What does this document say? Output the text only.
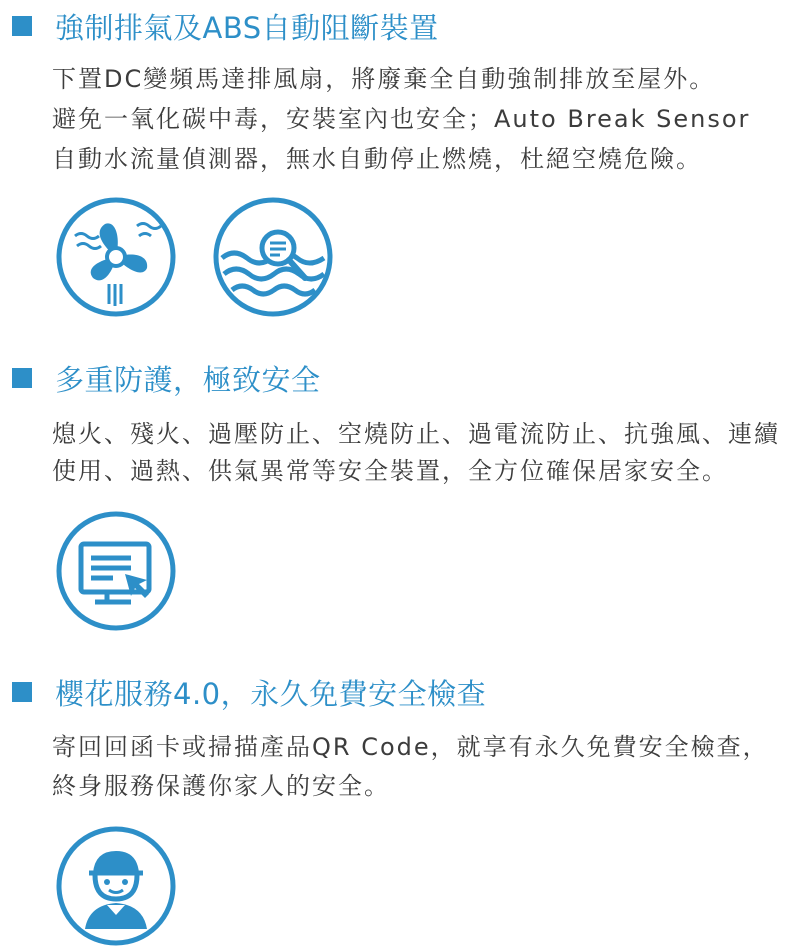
強制排氣及ABS自動阻斷裝置
下置DC變頻馬達排風扇，將廢棄全自動強制排放至屋外。
避免一氧化碳中毒，安裝室內也安全；Auto Break Sensor
自動水流量偵測器，無水自動停止燃燒，杜絕空燒危險。
多重防護，極致安全
熄火、殘火、過壓防止、空燒防止、過電流防止、抗強風、連續
使用、過熱、供氣異常等安全裝置，全方位確保居家安全。
櫻花服務4.0，永久免費安全檢查
寄回回函卡或掃描產品QR Code，就享有永久免費安全檢查，
終身服務保護你家人的安全。
